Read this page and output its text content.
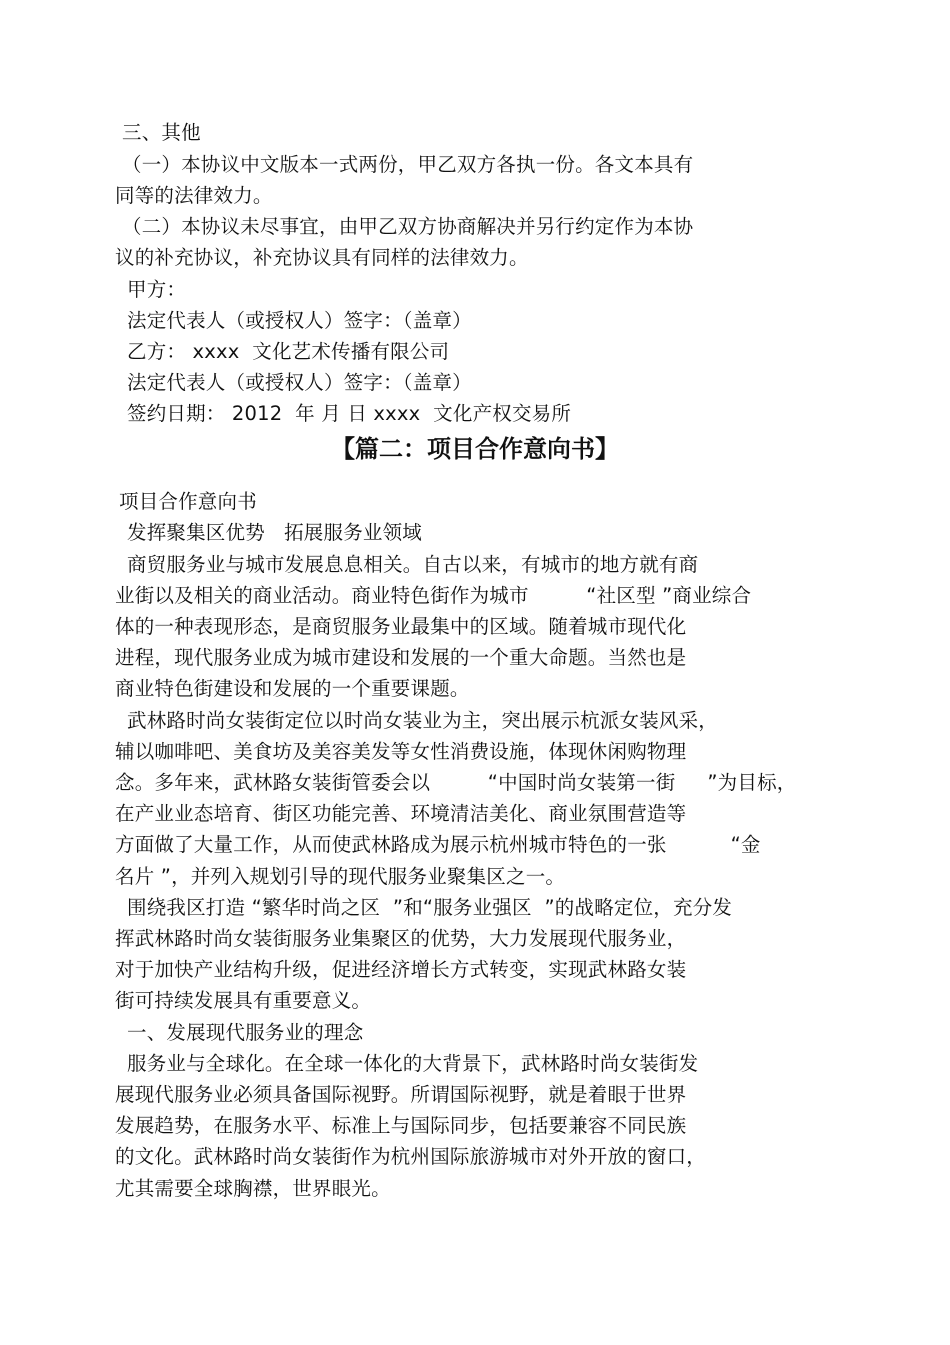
三、其他
（一）本协议中文版本一式两份，甲乙双方各执一份。各文本具有
同等的法律效力。
（二）本协议未尽事宜，由甲乙双方协商解决并另行约定作为本协
议的补充协议，补充协议具有同样的法律效力。
甲方：
法定代表人（或授权人）签字：（盖章）
乙方： xxxx  文化艺术传播有限公司
法定代表人（或授权人）签字：（盖章）
签约日期： 2012  年 月 日 xxxx  文化产权交易所
【篇二：项目合作意向书】
项目合作意向书
发挥聚集区优势   拓展服务业领域
商贸服务业与城市发展息息相关。自古以来，有城市的地方就有商
业街以及相关的商业活动。商业特色街作为城市         “社区型 ”商业综合
体的一种表现形态，是商贸服务业最集中的区域。随着城市现代化
进程，现代服务业成为城市建设和发展的一个重大命题。当然也是
商业特色街建设和发展的一个重要课题。
武林路时尚女装街定位以时尚女装业为主，突出展示杭派女装风采，
辅以咖啡吧、美食坊及美容美发等女性消费设施，体现休闲购物理
念。多年来，武林路女装街管委会以         “中国时尚女装第一街     ”为目标，
在产业业态培育、街区功能完善、环境清洁美化、商业氛围营造等
方面做了大量工作，从而使武林路成为展示杭州城市特色的一张          “金
名片 ”，并列入规划引导的现代服务业聚集区之一。
围绕我区打造 “繁华时尚之区  ”和“服务业强区  ”的战略定位，充分发
挥武林路时尚女装街服务业集聚区的优势，大力发展现代服务业，
对于加快产业结构升级，促进经济增长方式转变，实现武林路女装
街可持续发展具有重要意义。
一、发展现代服务业的理念
服务业与全球化。在全球一体化的大背景下，武林路时尚女装街发
展现代服务业必须具备国际视野。所谓国际视野，就是着眼于世界
发展趋势，在服务水平、标准上与国际同步，包括要兼容不同民族
的文化。武林路时尚女装街作为杭州国际旅游城市对外开放的窗口，
尤其需要全球胸襟，世界眼光。
